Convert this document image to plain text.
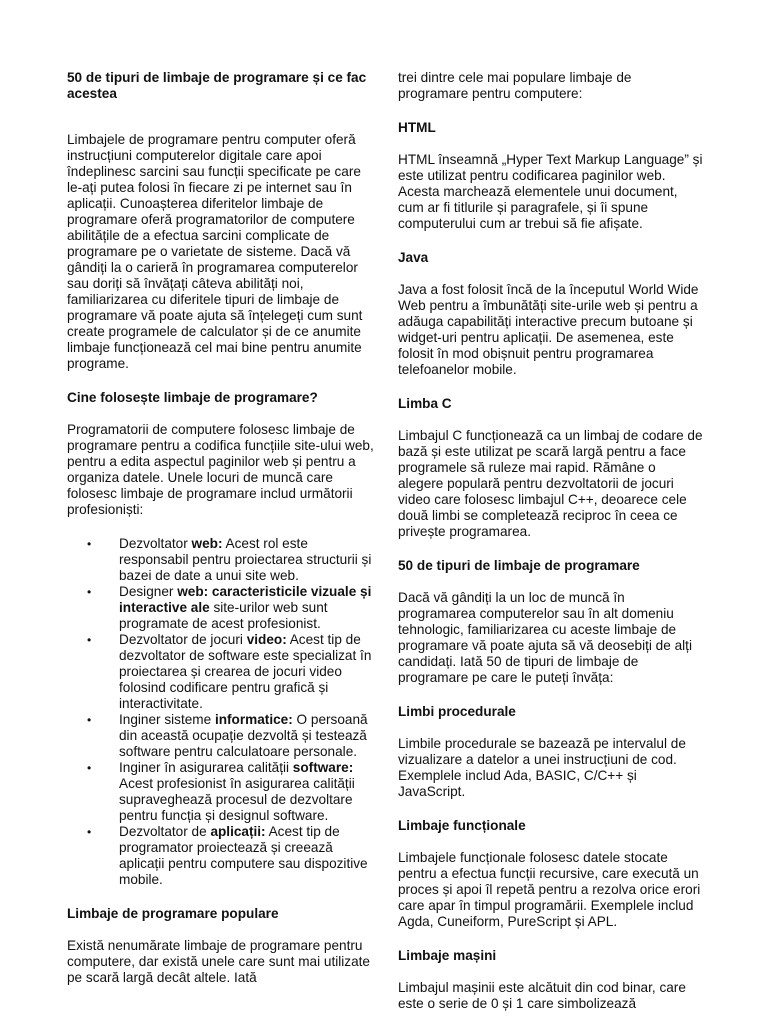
50 de tipuri de limbaje de programare și ce fac acestea

Limbajele de programare pentru computer oferă instrucțiuni computerelor digitale care apoi îndeplinesc sarcini sau funcții specificate pe care le-ați putea folosi în fiecare zi pe internet sau în aplicații. Cunoașterea diferitelor limbaje de programare oferă programatorilor de computere abilitățile de a efectua sarcini complicate de programare pe o varietate de sisteme. Dacă vă gândiți la o carieră în programarea computerelor sau doriți să învățați câteva abilități noi, familiarizarea cu diferitele tipuri de limbaje de programare vă poate ajuta să înțelegeți cum sunt create programele de calculator și de ce anumite limbaje funcționează cel mai bine pentru anumite programe.

Cine folosește limbaje de programare?

Programatorii de computere folosesc limbaje de programare pentru a codifica funcțiile site-ului web, pentru a edita aspectul paginilor web și pentru a organiza datele. Unele locuri de muncă care folosesc limbaje de programare includ următorii profesioniști:

• Dezvoltator web: Acest rol este responsabil pentru proiectarea structurii și bazei de date a unui site web.
• Designer web: caracteristicile vizuale și interactive ale site-urilor web sunt programate de acest profesionist.
• Dezvoltator de jocuri video: Acest tip de dezvoltator de software este specializat în proiectarea și crearea de jocuri video folosind codificare pentru grafică și interactivitate.
• Inginer sisteme informatice: O persoană din această ocupație dezvoltă și testează software pentru calculatoare personale.
• Inginer în asigurarea calității software: Acest profesionist în asigurarea calității supraveghează procesul de dezvoltare pentru funcția și designul software.
• Dezvoltator de aplicații: Acest tip de programator proiectează și creează aplicații pentru computere sau dispozitive mobile.
Limbaje de programare populare

Există nenumărate limbaje de programare pentru computere, dar există unele care sunt mai utilizate pe scară largă decât altele. Iată

trei dintre cele mai populare limbaje de programare pentru computere:

HTML

HTML înseamnă „Hyper Text Markup Language” și este utilizat pentru codificarea paginilor web. Acesta marchează elementele unui document, cum ar fi titlurile și paragrafele, și îi spune computerului cum ar trebui să fie afișate.

Java

Java a fost folosit încă de la începutul World Wide Web pentru a îmbunătăți site-urile web și pentru a adăuga capabilități interactive precum butoane și widget-uri pentru aplicații. De asemenea, este folosit în mod obișnuit pentru programarea telefoanelor mobile.

Limba C

Limbajul C funcționează ca un limbaj de codare de bază și este utilizat pe scară largă pentru a face programele să ruleze mai rapid. Rămâne o alegere populară pentru dezvoltatorii de jocuri video care folosesc limbajul C++, deoarece cele două limbi se completează reciproc în ceea ce privește programarea.

50 de tipuri de limbaje de programare

Dacă vă gândiți la un loc de muncă în programarea computerelor sau în alt domeniu tehnologic, familiarizarea cu aceste limbaje de programare vă poate ajuta să vă deosebiți de alți candidați. Iată 50 de tipuri de limbaje de programare pe care le puteți învăța:

Limbi procedurale

Limbile procedurale se bazează pe intervalul de vizualizare a datelor a unei instrucțiuni de cod. Exemplele includ Ada, BASIC, C/C++ și JavaScript.

Limbaje funcționale

Limbajele funcționale folosesc datele stocate pentru a efectua funcții recursive, care execută un proces și apoi îl repetă pentru a rezolva orice erori care apar în timpul programării. Exemplele includ Agda, Cuneiform, PureScript și APL.

Limbaje mașini

Limbajul mașinii este alcătuit din cod binar, care este o serie de 0 și 1 care simbolizează
